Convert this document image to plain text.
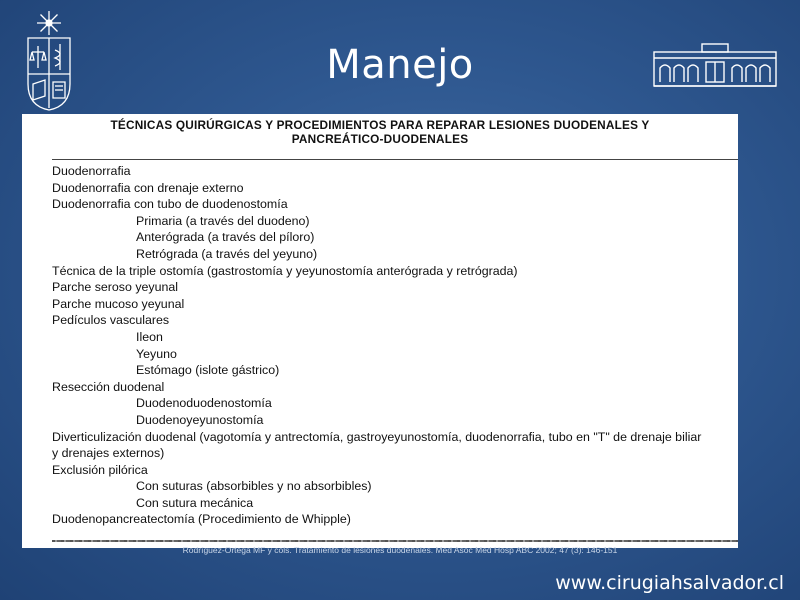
Manejo
TÉCNICAS QUIRÚRGICAS Y PROCEDIMIENTOS PARA REPARAR LESIONES DUODENALES Y
PANCREÁTICO-DUODENALES
Duodenorrafia
Duodenorrafia con drenaje externo
Duodenorrafia con tubo de duodenostomía
Primaria (a través del duodeno)
Anterógrada (a través del píloro)
Retrógrada (a través del yeyuno)
Técnica de la triple ostomía (gastrostomía y yeyunostomía anterógrada y retrógrada)
Parche seroso yeyunal
Parche mucoso yeyunal
Pedículos vasculares
Ileon
Yeyuno
Estómago (islote gástrico)
Resección duodenal
Duodenoduodenostomía
Duodenoyeyunostomía
Diverticulización duodenal (vagotomía y antrectomía, gastroyeyunostomía, duodenorrafia, tubo en "T" de drenaje biliar
y drenajes externos)
Exclusión pilórica
Con suturas (absorbibles y no absorbibles)
Con sutura mecánica
Duodenopancreatectomía (Procedimiento de Whipple)
Rodríguez-Ortega MF y cols. Tratamiento de lesiones duodenales. Med Asoc Med Hosp ABC 2002; 47 (3): 146-151
www.cirugiahsalvador.cl
